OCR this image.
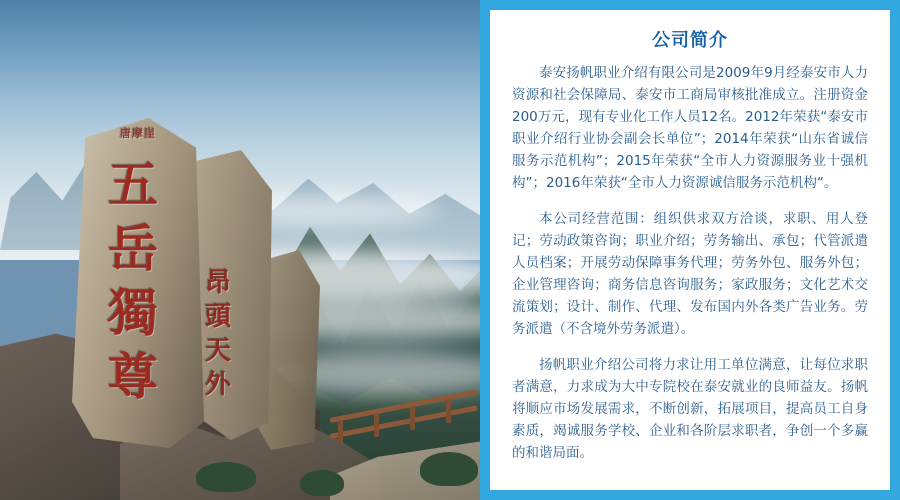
唐摩崖
五
岳
獨
尊
昂
頭
天
外
公司简介

泰安扬帆职业介绍有限公司是2009年9月经泰安市人力资源和社会保障局、泰安市工商局审核批准成立。注册资金200万元，现有专业化工作人员12名。2012年荣获“泰安市职业介绍行业协会副会长单位”；2014年荣获“山东省诚信服务示范机构”；2015年荣获“全市人力资源服务业十强机构”；2016年荣获“全市人力资源诚信服务示范机构“。

本公司经营范围：组织供求双方洽谈，求职、用人登记；劳动政策咨询；职业介绍；劳务输出、承包；代管派遣人员档案；开展劳动保障事务代理；劳务外包、服务外包；企业管理咨询；商务信息咨询服务；家政服务；文化艺术交流策划；设计、制作、代理、发布国内外各类广告业务。劳务派遣（不含境外劳务派遣）。

扬帆职业介绍公司将力求让用工单位满意，让每位求职者满意，力求成为大中专院校在泰安就业的良师益友。扬帆将顺应市场发展需求，不断创新，拓展项目，提高员工自身素质，竭诚服务学校、企业和各阶层求职者，争创一个多赢的和谐局面。
